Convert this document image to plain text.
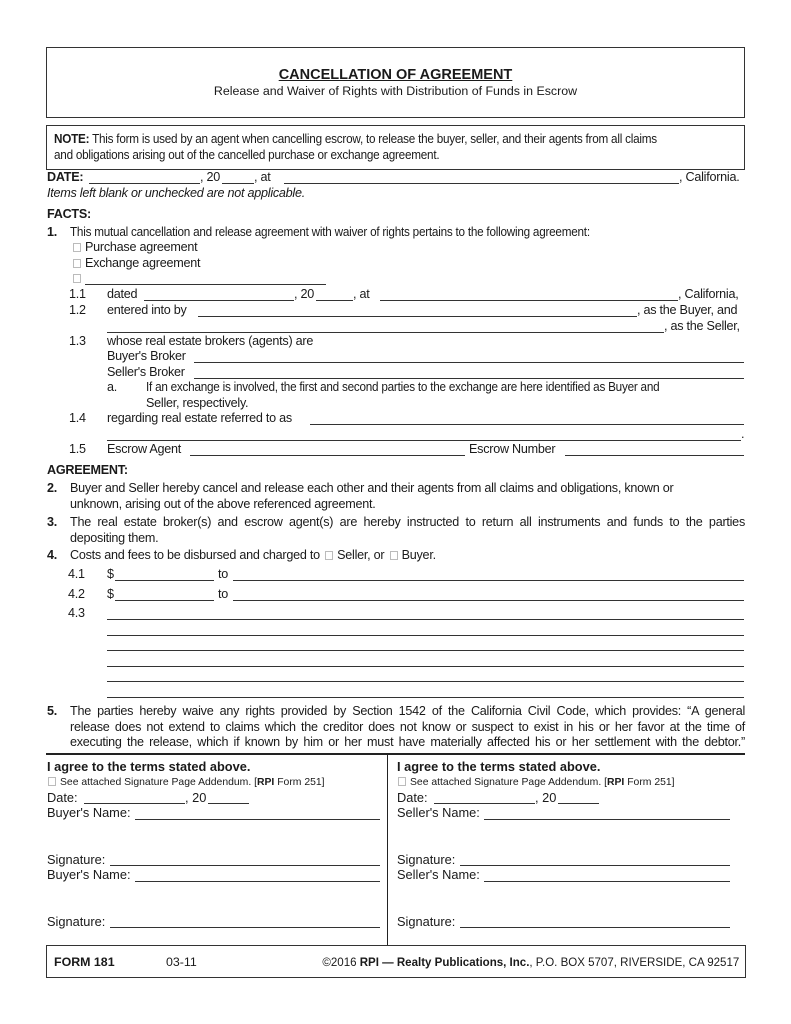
CANCELLATION OF AGREEMENT
Release and Waiver of Rights with Distribution of Funds in Escrow
NOTE: This form is used by an agent when cancelling escrow, to release the buyer, seller, and their agents from all claims
and obligations arising out of the cancelled purchase or exchange agreement.
DATE:	, 20	, at	, California.
Items left blank or unchecked are not applicable.
FACTS:
1. This mutual cancellation and release agreement with waiver of rights pertains to the following agreement:
Purchase agreement
Exchange agreement
1.1 dated	, 20	, at	, California,
1.2 entered into by	, as the Buyer, and
, as the Seller,
1.3 whose real estate brokers (agents) are
Buyer's Broker
Seller's Broker
a. If an exchange is involved, the first and second parties to the exchange are here identified as Buyer and
Seller, respectively.
1.4 regarding real estate referred to as
.
1.5 Escrow Agent	Escrow Number
AGREEMENT:
2. Buyer and Seller hereby cancel and release each other and their agents from all claims and obligations, known or
unknown, arising out of the above referenced agreement.
3. The real estate broker(s) and escrow agent(s) are hereby instructed to return all instruments and funds to the parties
depositing them.
4. Costs and fees to be disbursed and charged to Seller, or Buyer.
4.1 $	to
4.2 $	to
4.3
5. The parties hereby waive any rights provided by Section 1542 of the California Civil Code, which provides: “A general
release does not extend to claims which the creditor does not know or suspect to exist in his or her favor at the time of
executing the release, which if known by him or her must have materially affected his or her settlement with the debtor.”
I agree to the terms stated above.
See attached Signature Page Addendum. [RPI Form 251]
Date:	, 20
Buyer's Name:
Signature:
Buyer's Name:
Signature:
I agree to the terms stated above.
See attached Signature Page Addendum. [RPI Form 251]
Date:	, 20
Seller's Name:
Signature:
Seller's Name:
Signature:
FORM 181	03-11	©2016 RPI — Realty Publications, Inc., P.O. BOX 5707, RIVERSIDE, CA 92517
